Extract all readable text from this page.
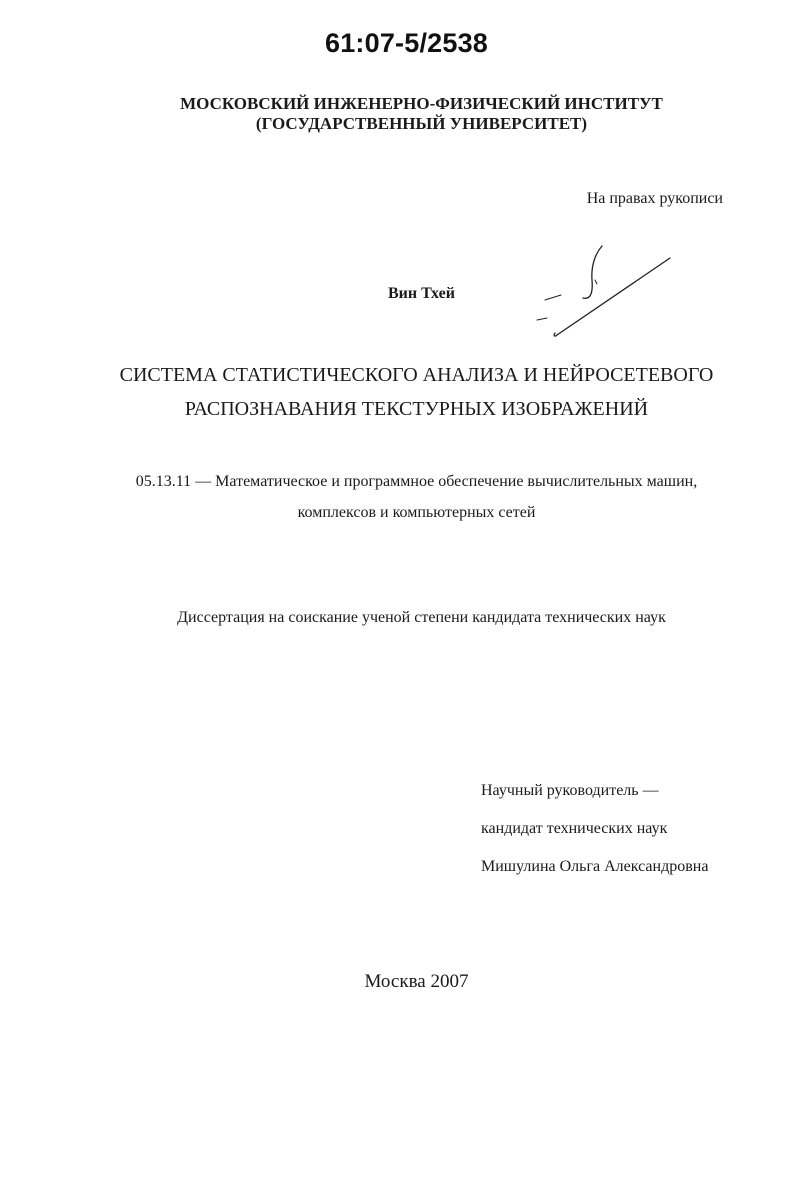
61:07-5/2538
МОСКОВСКИЙ ИНЖЕНЕРНО-ФИЗИЧЕСКИЙ ИНСТИТУТ
(ГОСУДАРСТВЕННЫЙ УНИВЕРСИТЕТ)
На правах рукописи
Вин Тхей
СИСТЕМА СТАТИСТИЧЕСКОГО АНАЛИЗА И НЕЙРОСЕТЕВОГО
РАСПОЗНАВАНИЯ ТЕКСТУРНЫХ ИЗОБРАЖЕНИЙ
05.13.11 — Математическое и программное обеспечение вычислительных машин,
комплексов и компьютерных сетей
Диссертация на соискание ученой степени кандидата технических наук
Научный руководитель —
кандидат технических наук
Мишулина Ольга Александровна
Москва 2007
